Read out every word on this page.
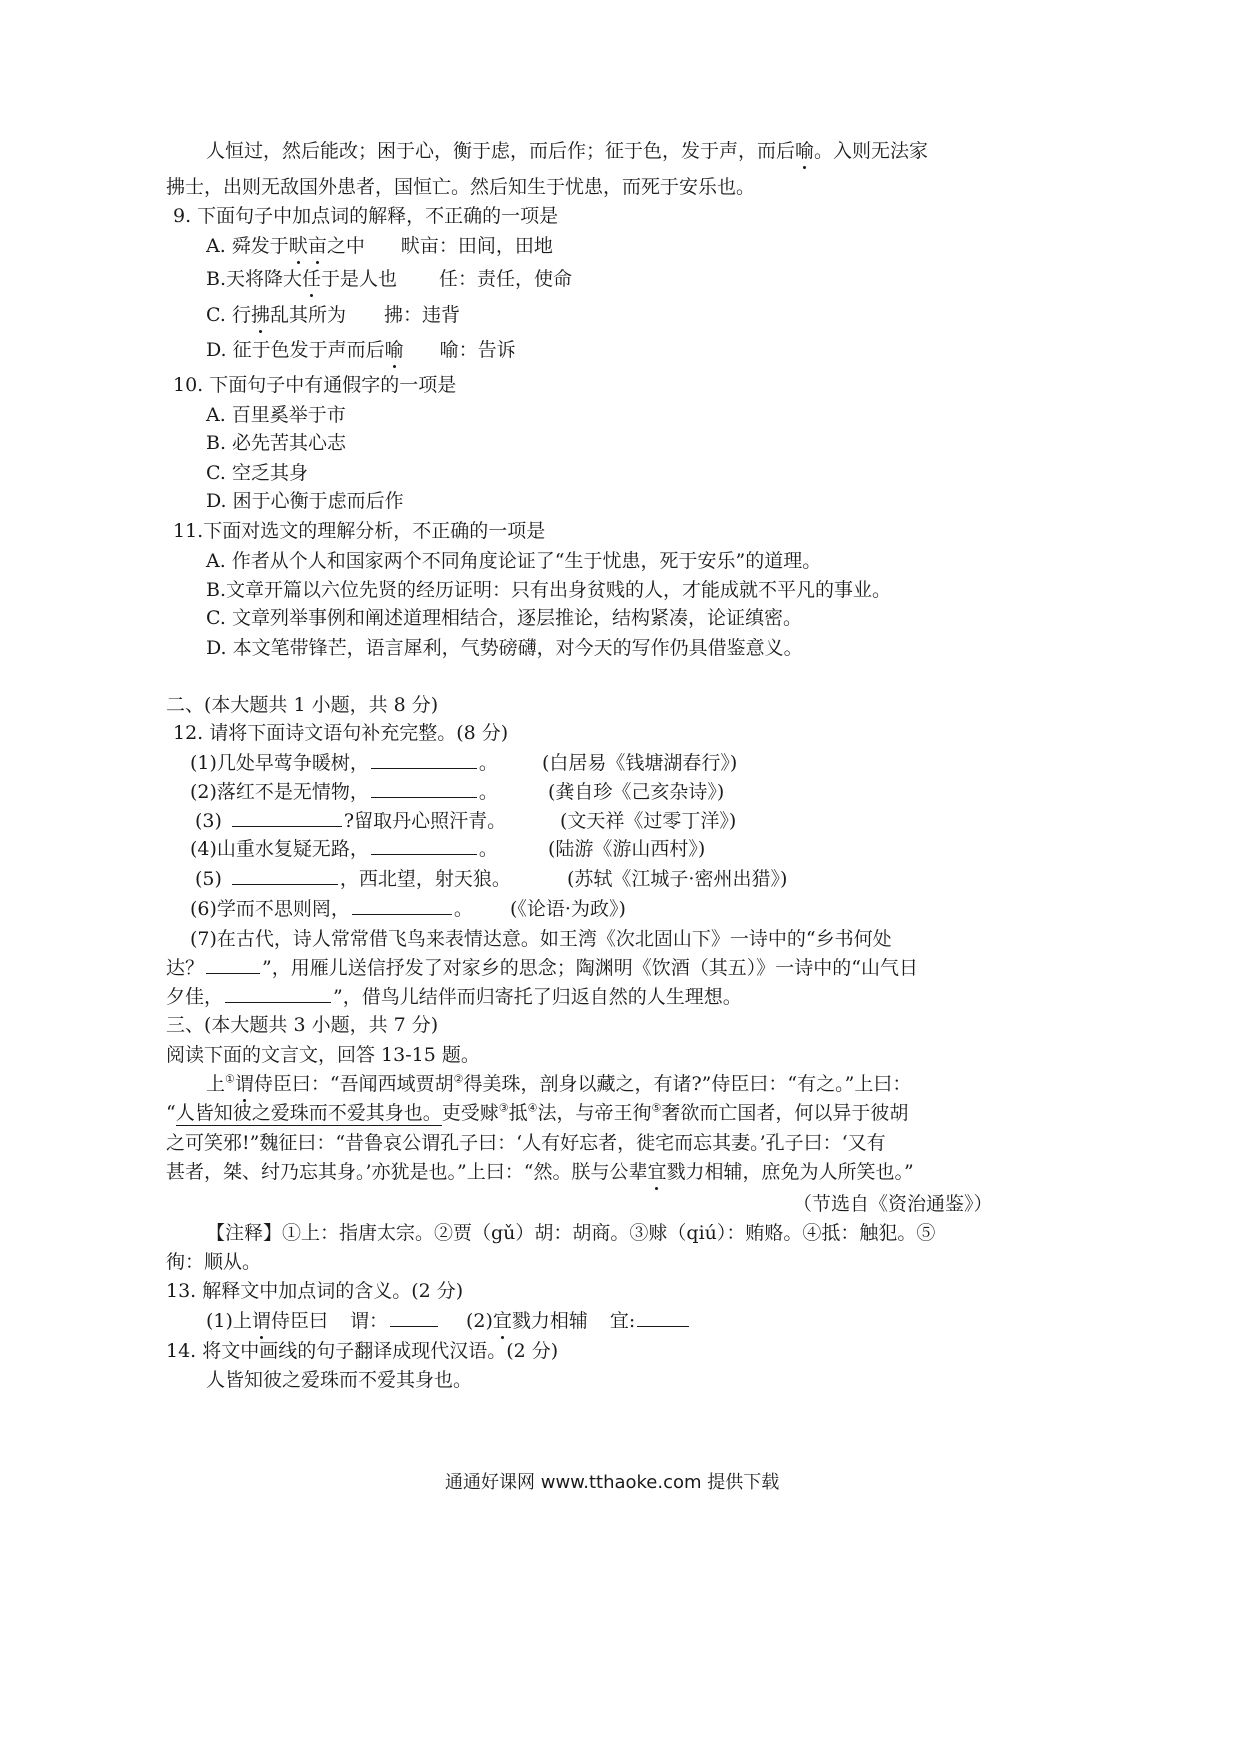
人恒过，然后能改；困于心，衡于虑，而后作；征于色，发于声，而后喻。入则无法家
拂士，出则无敌国外患者，国恒亡。然后知生于忧患，而死于安乐也。
9. 下面句子中加点词的解释，不正确的一项是
A. 舜发于畎亩之中 畎亩：田间，田地
B.天将降大任于是人也 任：责任，使命
C. 行拂乱其所为 拂：违背
D. 征于色发于声而后喻 喻：告诉
10. 下面句子中有通假字的一项是
A. 百里奚举于市
B. 必先苦其心志
C. 空乏其身
D. 困于心衡于虑而后作
11.下面对选文的理解分析，不正确的一项是
A. 作者从个人和国家两个不同角度论证了“生于忧患，死于安乐”的道理。
B.文章开篇以六位先贤的经历证明：只有出身贫贱的人，才能成就不平凡的事业。
C. 文章列举事例和阐述道理相结合，逐层推论，结构紧凑，论证缜密。
D. 本文笔带锋芒，语言犀利，气势磅礴，对今天的写作仍具借鉴意义。
二、(本大题共 1 小题，共 8 分)
12. 请将下面诗文语句补充完整。(8 分)
(1)几处早莺争暖树，	。 (白居易《钱塘湖春行》)
(2)落红不是无情物，	。	(龚自珍《己亥杂诗》)
(3)	?留取丹心照汗青。	(文天祥《过零丁洋》)
(4)山重水复疑无路，	。	(陆游《游山西村》)
(5)	，西北望，射天狼。	(苏轼《江城子·密州出猎》)
(6)学而不思则罔，	。 (《论语·为政》)
(7)在古代，诗人常常借飞鸟来表情达意。如王湾《次北固山下》一诗中的“乡书何处
达？	”，用雁儿送信抒发了对家乡的思念；陶渊明《饮酒（其五）》一诗中的“山气日
夕佳，	”，借鸟儿结伴而归寄托了归返自然的人生理想。
三、(本大题共 3 小题，共 7 分)
阅读下面的文言文，回答 13-15 题。
上①谓侍臣曰：“吾闻西域贾胡②得美珠，剖身以藏之，有诸?”侍臣曰：“有之。”上曰：
“人皆知彼之爱珠而不爱其身也。吏受赇③抵④法，与帝王徇⑤奢欲而亡国者，何以异于彼胡
之可笑邪!”魏征曰：“昔鲁哀公谓孔子曰：‘人有好忘者，徙宅而忘其妻。’孔子曰：‘又有
甚者，桀、纣乃忘其身。’亦犹是也。”上曰：“然。朕与公辈宜戮力相辅，庶免为人所笑也。”
（节选自《资治通鉴》）
【注释】①上：指唐太宗。②贾（gǔ）胡：胡商。③赇（qiú）：贿赂。④抵：触犯。⑤
徇：顺从。
13. 解释文中加点词的含义。(2 分)
(1)上谓侍臣曰 谓：	(2)宜戮力相辅 宜:
14. 将文中画线的句子翻译成现代汉语。(2 分)
人皆知彼之爱珠而不爱其身也。
通通好课网 www.tthaoke.com 提供下载
